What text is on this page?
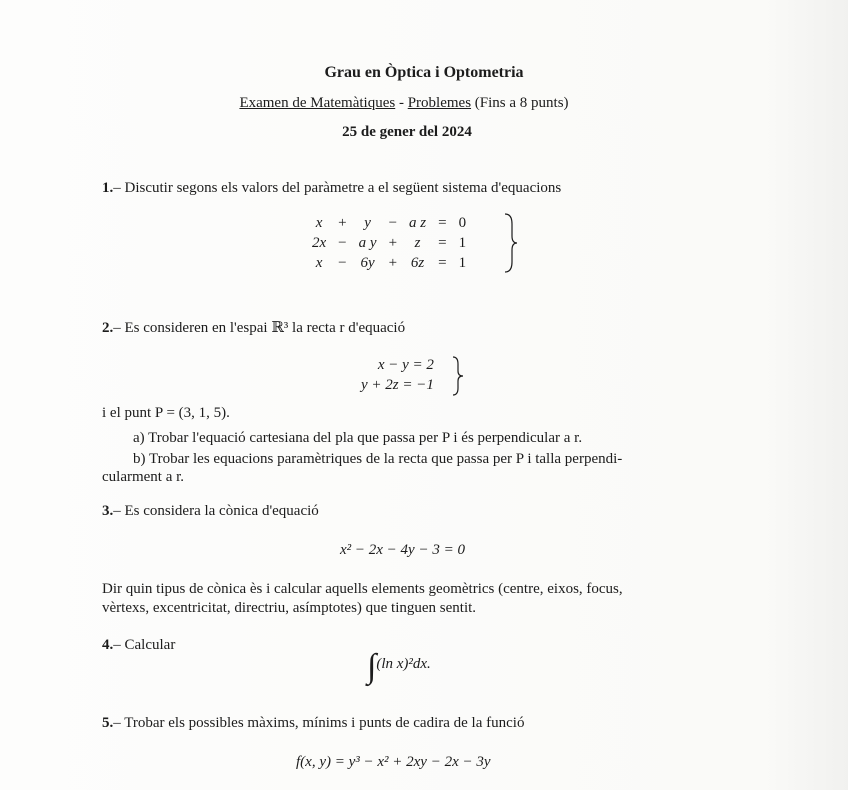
Grau en Òptica i Optometria
Examen de Matemàtiques - Problemes (Fins a 8 punts)
25 de gener del 2024
1.– Discutir segons els valors del paràmetre a el següent sistema d'equacions
x	+	y	−	a z	=	0
2x	−	a y	+	z	=	1
x	−	6y	+	6z	=	1
2.– Es consideren en l'espai ℝ³ la recta r d'equació
x − y = 2
y + 2z = −1
i el punt P = (3, 1, 5).
a) Trobar l'equació cartesiana del pla que passa per P i és perpendicular a r.
b) Trobar les equacions paramètriques de la recta que passa per P i talla perpendi-
cularment a r.
3.– Es considera la cònica d'equació
x² − 2x − 4y − 3 = 0
Dir quin tipus de cònica ès i calcular aquells elements geomètrics (centre, eixos, focus,
vèrtexs, excentricitat, directriu, asímptotes) que tinguen sentit.
4.– Calcular
∫(ln x)²dx.
5.– Trobar els possibles màxims, mínims i punts de cadira de la funció
f(x, y) = y³ − x² + 2xy − 2x − 3y
